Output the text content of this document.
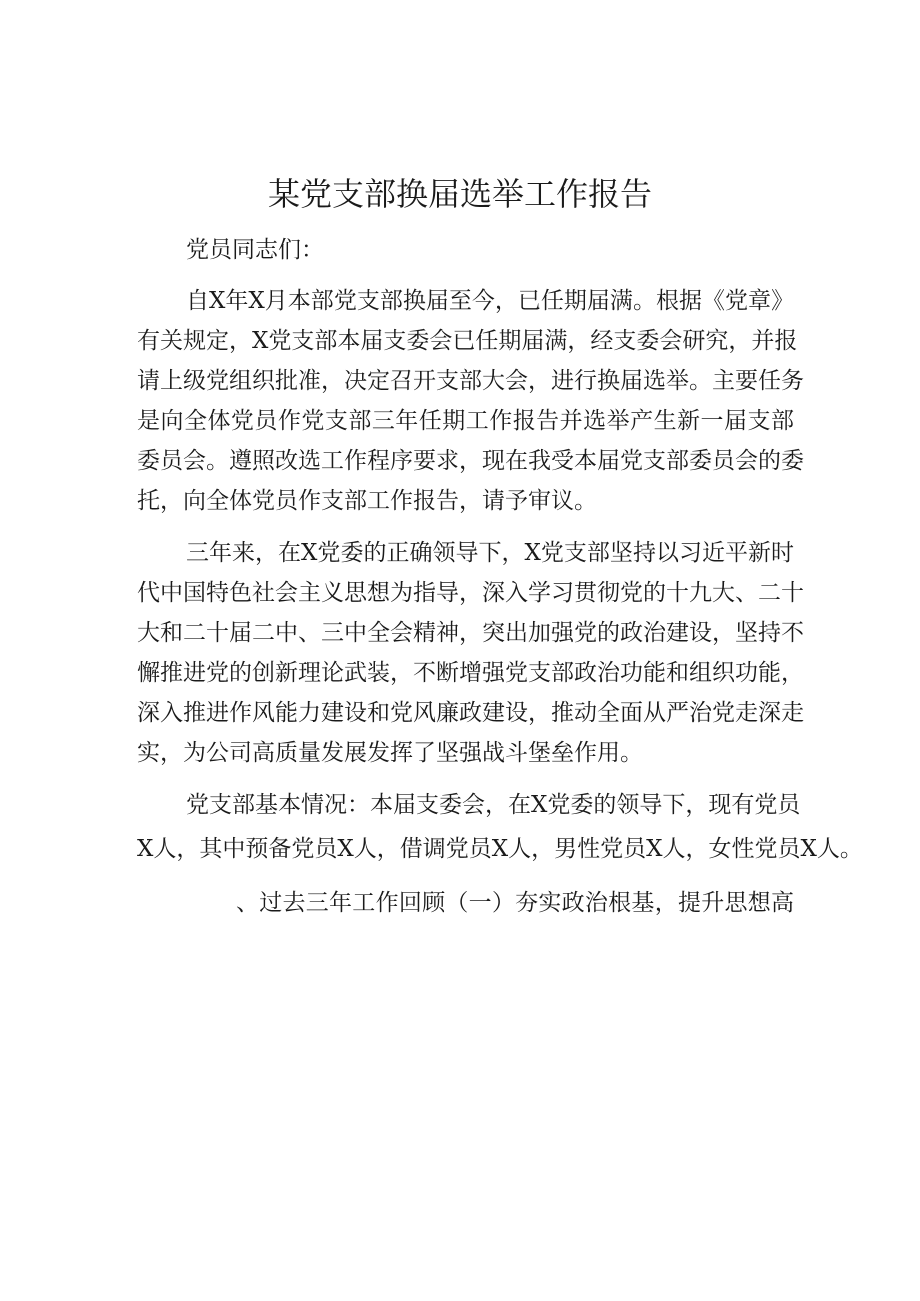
某党支部换届选举工作报告

党员同志们：

自X年X月本部党支部换届至今，已任期届满。根据《党章》

有关规定，X党支部本届支委会已任期届满，经支委会研究，并报

请上级党组织批准，决定召开支部大会，进行换届选举。主要任务

是向全体党员作党支部三年任期工作报告并选举产生新一届支部

委员会。遵照改选工作程序要求，现在我受本届党支部委员会的委

托，向全体党员作支部工作报告，请予审议。

三年来，在X党委的正确领导下，X党支部坚持以习近平新时

代中国特色社会主义思想为指导，深入学习贯彻党的十九大、二十

大和二十届二中、三中全会精神，突出加强党的政治建设，坚持不

懈推进党的创新理论武装，不断增强党支部政治功能和组织功能，

深入推进作风能力建设和党风廉政建设，推动全面从严治党走深走

实，为公司高质量发展发挥了坚强战斗堡垒作用。

党支部基本情况：本届支委会，在X党委的领导下，现有党员

X人，其中预备党员X人，借调党员X人，男性党员X人，女性党员X人。

、过去三年工作回顾（一）夯实政治根基，提升思想高
